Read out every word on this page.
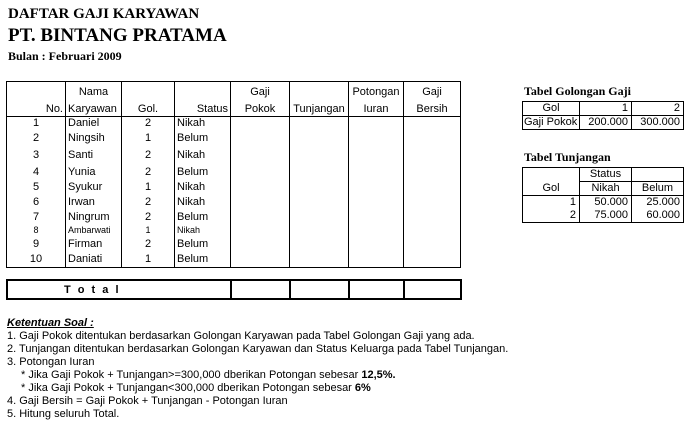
DAFTAR GAJI KARYAWAN
PT. BINTANG PRATAMA
Bulan : Februari 2009
	Nama			Gaji		Potongan	Gaji
No.	Karyawan	Gol.	Status	Pokok	Tunjangan	Iuran	Bersih
1	Daniel	2	Nikah				
2	Ningsih	1	Belum				
3	Santi	2	Nikah				
4	Yunia	2	Belum				
5	Syukur	1	Nikah				
6	Irwan	2	Nikah				
7	Ningrum	2	Belum				
8	Ambarwati	1	Nikah				
9	Firman	2	Belum				
10	Daniati	1	Belum				
T o t a l				
Tabel Golongan Gaji
Gol	1	2
Gaji Pokok	200.000	300.000
Tabel Tunjangan
Gol	Status	
	Nikah	Belum
1	50.000	25.000
2	75.000	60.000
Ketentuan Soal :
1. Gaji Pokok ditentukan berdasarkan Golongan Karyawan pada Tabel Golongan Gaji yang ada.
2. Tunjangan ditentukan berdasarkan Golongan Karyawan dan Status Keluarga pada Tabel Tunjangan.
3. Potongan Iuran
* Jika Gaji Pokok + Tunjangan>=300,000 dberikan Potongan sebesar 12,5%.
* Jika Gaji Pokok + Tunjangan<300,000 dberikan Potongan sebesar 6%
4. Gaji Bersih = Gaji Pokok + Tunjangan - Potongan Iuran
5. Hitung seluruh Total.
